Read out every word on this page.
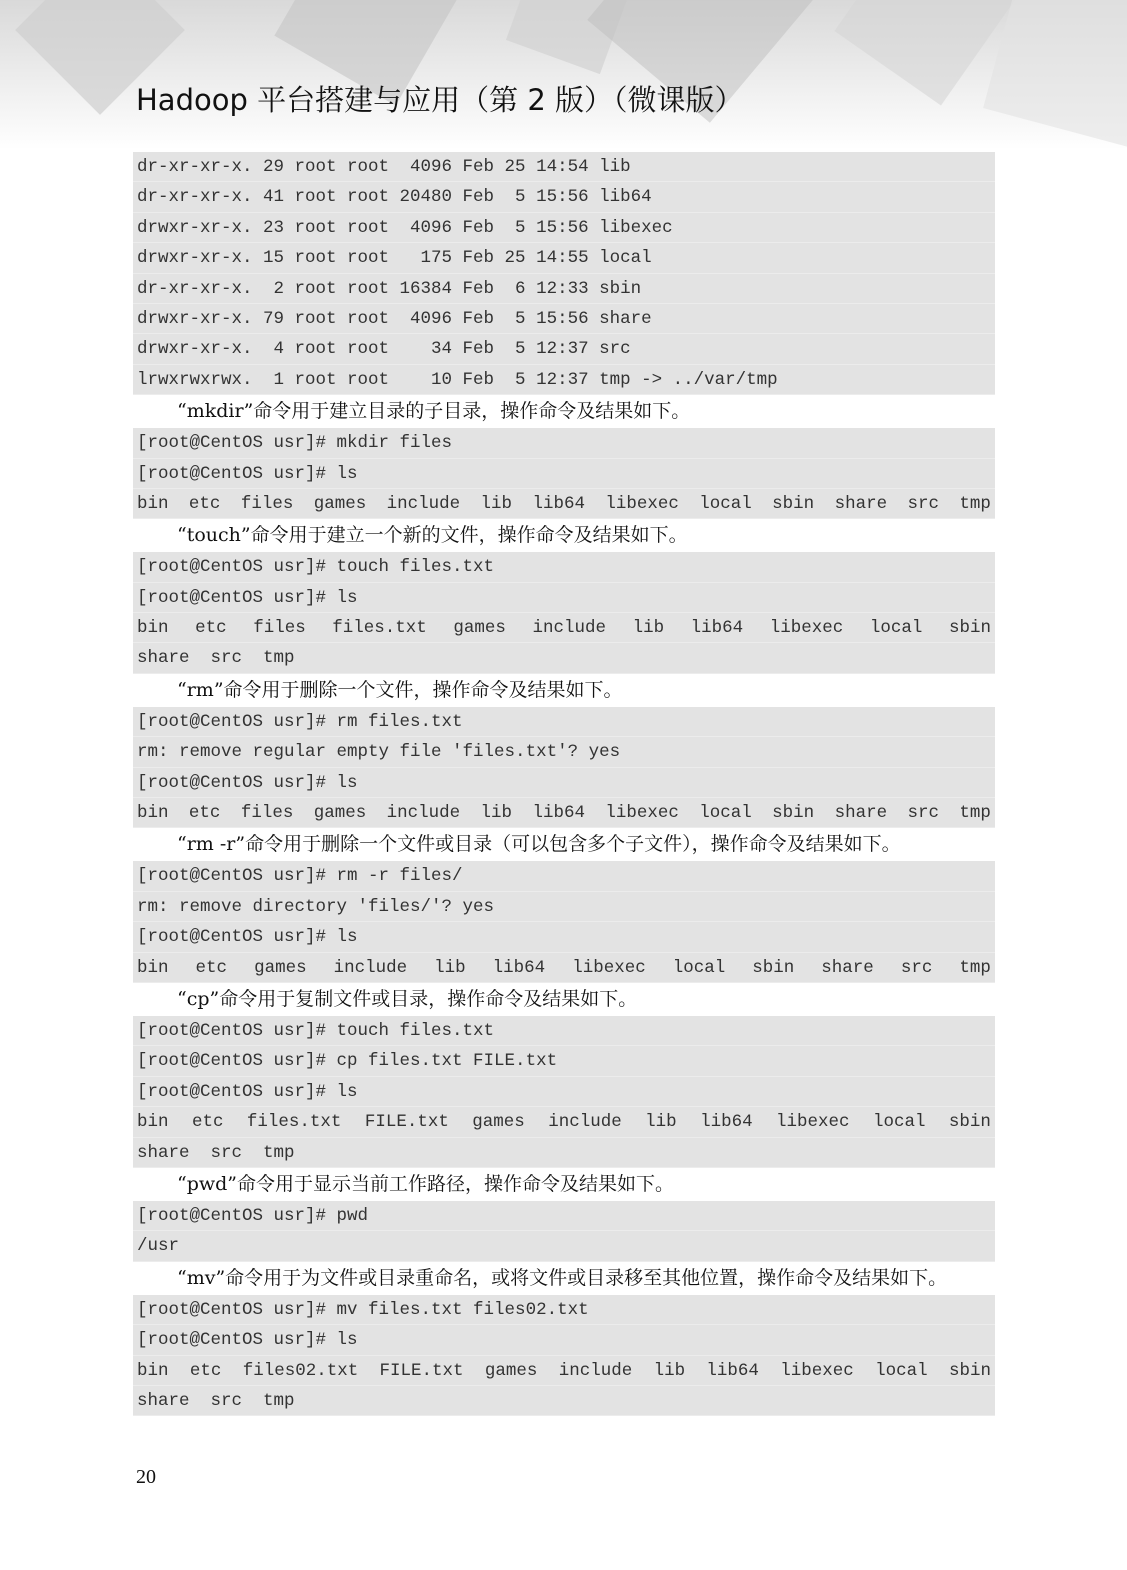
Hadoop 平台搭建与应用（第 2 版）（微课版）
dr-xr-xr-x. 29 root root  4096 Feb 25 14:54 lib
dr-xr-xr-x. 41 root root 20480 Feb  5 15:56 lib64
drwxr-xr-x. 23 root root  4096 Feb  5 15:56 libexec
drwxr-xr-x. 15 root root   175 Feb 25 14:55 local
dr-xr-xr-x.  2 root root 16384 Feb  6 12:33 sbin
drwxr-xr-x. 79 root root  4096 Feb  5 15:56 share
drwxr-xr-x.  4 root root    34 Feb  5 12:37 src
lrwxrwxrwx.  1 root root    10 Feb  5 12:37 tmp -> ../var/tmp
“mkdir”命令用于建立目录的子目录，操作命令及结果如下。
[root@CentOS usr]# mkdir files
[root@CentOS usr]# ls
bin etc files games include lib lib64 libexec local sbin share src tmp
“touch”命令用于建立一个新的文件，操作命令及结果如下。
[root@CentOS usr]# touch files.txt
[root@CentOS usr]# ls
bin etc files files.txt games include lib lib64 libexec local sbin
share  src  tmp
“rm”命令用于删除一个文件，操作命令及结果如下。
[root@CentOS usr]# rm files.txt
rm: remove regular empty file 'files.txt'? yes
[root@CentOS usr]# ls
bin etc files games include lib lib64 libexec local sbin share src tmp
“rm -r”命令用于删除一个文件或目录（可以包含多个子文件），操作命令及结果如下。
[root@CentOS usr]# rm -r files/
rm: remove directory 'files/'? yes
[root@CentOS usr]# ls
bin etc games include lib lib64 libexec local sbin share src tmp
“cp”命令用于复制文件或目录，操作命令及结果如下。
[root@CentOS usr]# touch files.txt
[root@CentOS usr]# cp files.txt FILE.txt
[root@CentOS usr]# ls
bin etc files.txt FILE.txt games include lib lib64 libexec local sbin
share  src  tmp
“pwd”命令用于显示当前工作路径，操作命令及结果如下。
[root@CentOS usr]# pwd
/usr
“mv”命令用于为文件或目录重命名，或将文件或目录移至其他位置，操作命令及结果如下。
[root@CentOS usr]# mv files.txt files02.txt
[root@CentOS usr]# ls
bin etc files02.txt FILE.txt games include lib lib64 libexec local sbin
share  src  tmp
20
